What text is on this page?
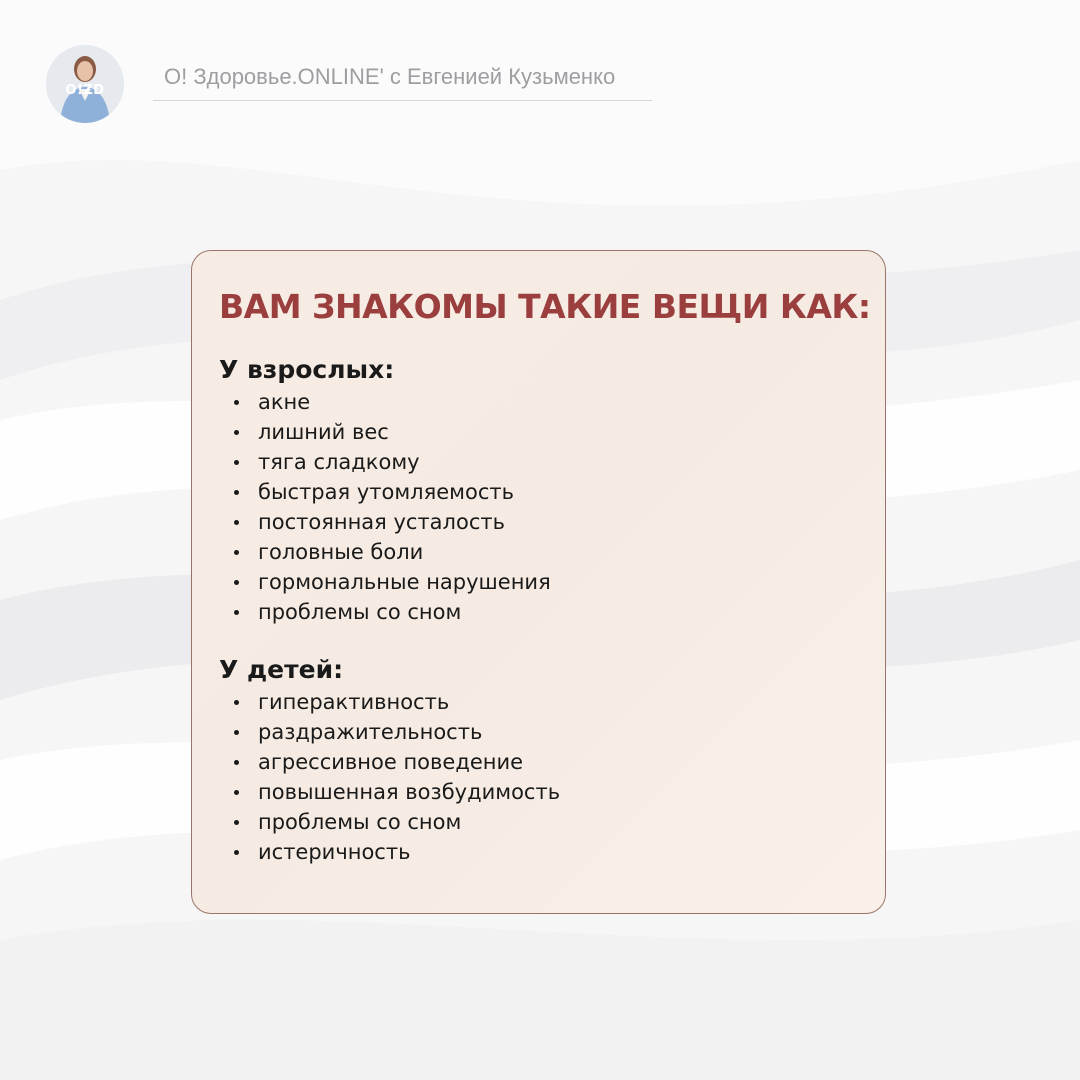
O!ZD
О! Здоровье.ONLINE' с Евгенией Кузьменко
ВАМ ЗНАКОМЫ ТАКИЕ ВЕЩИ КАК:
У взрослых:
акне
лишний вес
тяга сладкому
быстрая утомляемость
постоянная усталость
головные боли
гормональные нарушения
проблемы со сном
У детей:
гиперактивность
раздражительность
агрессивное поведение
повышенная возбудимость
проблемы со сном
истеричность
